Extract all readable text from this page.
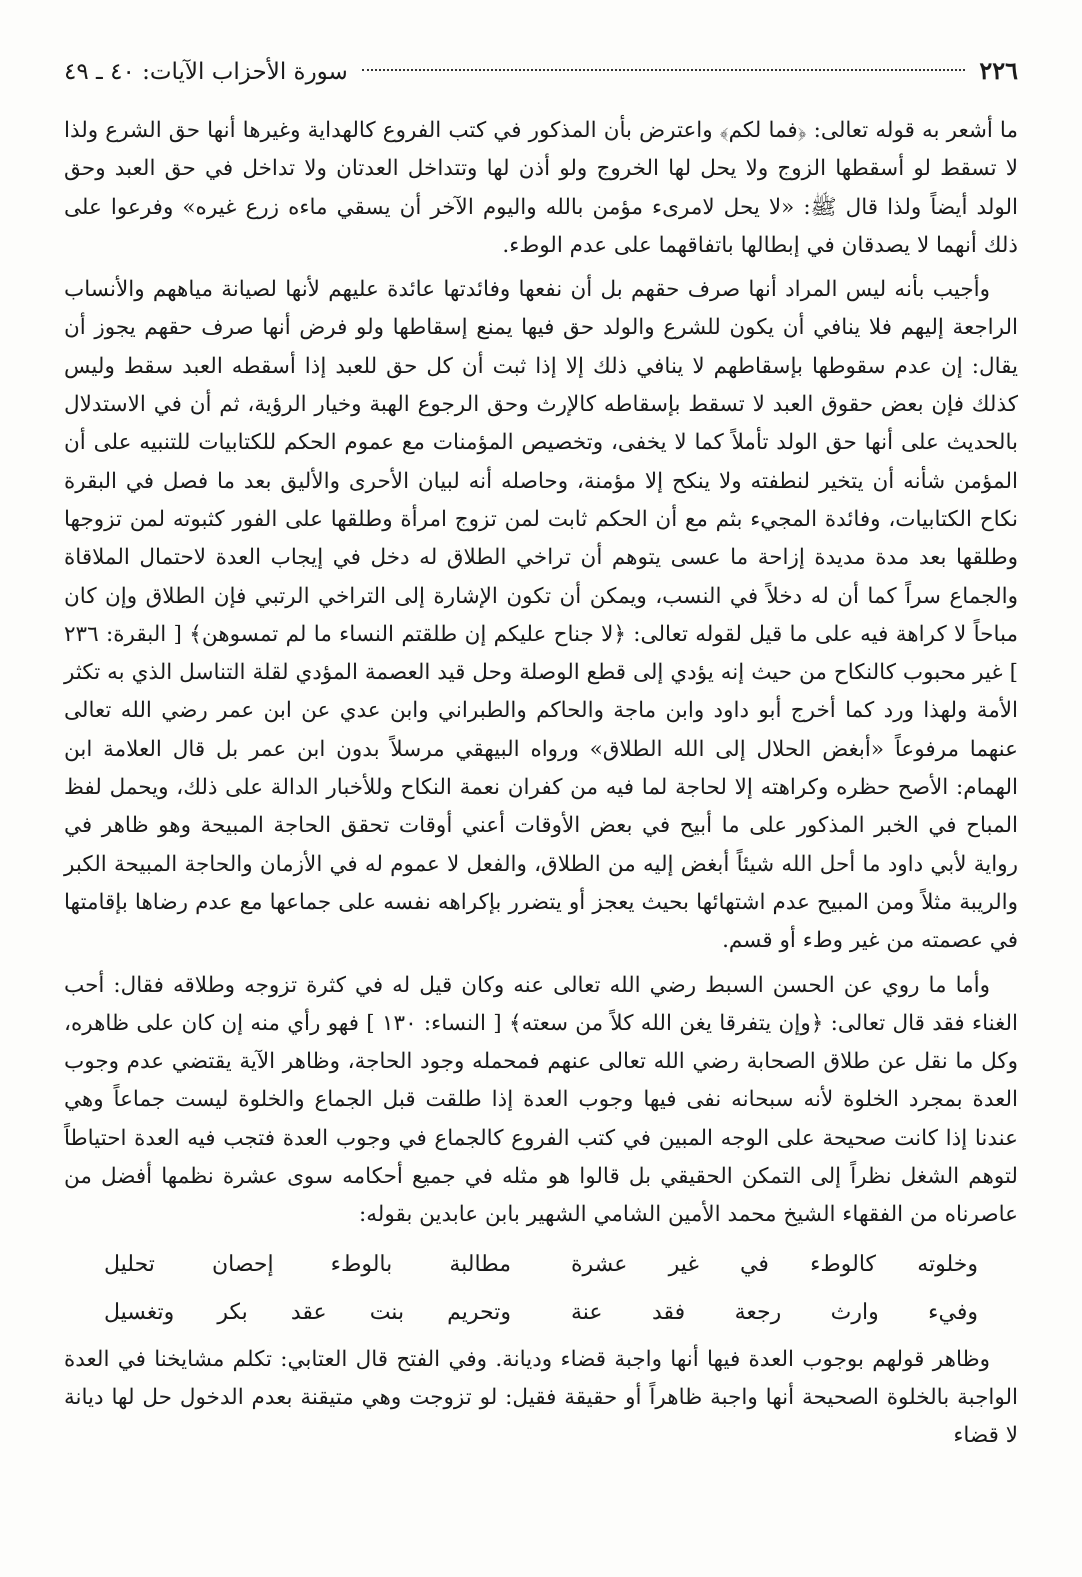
٢٢٦
سورة الأحزاب الآيات: ٤٠ ـ ٤٩

ما أشعر به قوله تعالى: ﴿فما لكم﴾ واعترض بأن المذكور في كتب الفروع كالهداية وغيرها أنها حق الشرع ولذا لا تسقط لو أسقطها الزوج ولا يحل لها الخروج ولو أذن لها وتتداخل العدتان ولا تداخل في حق العبد وحق الولد أيضاً ولذا قال ﷺ: «لا يحل لامرىء مؤمن بالله واليوم الآخر أن يسقي ماءه زرع غيره» وفرعوا على ذلك أنهما لا يصدقان في إبطالها باتفاقهما على عدم الوطء.

وأجيب بأنه ليس المراد أنها صرف حقهم بل أن نفعها وفائدتها عائدة عليهم لأنها لصيانة مياههم والأنساب الراجعة إليهم فلا ينافي أن يكون للشرع والولد حق فيها يمنع إسقاطها ولو فرض أنها صرف حقهم يجوز أن يقال: إن عدم سقوطها بإسقاطهم لا ينافي ذلك إلا إذا ثبت أن كل حق للعبد إذا أسقطه العبد سقط وليس كذلك فإن بعض حقوق العبد لا تسقط بإسقاطه كالإرث وحق الرجوع الهبة وخيار الرؤية، ثم أن في الاستدلال بالحديث على أنها حق الولد تأملاً كما لا يخفى، وتخصيص المؤمنات مع عموم الحكم للكتابيات للتنبيه على أن المؤمن شأنه أن يتخير لنطفته ولا ينكح إلا مؤمنة، وحاصله أنه لبيان الأحرى والأليق بعد ما فصل في البقرة نكاح الكتابيات، وفائدة المجيء بثم مع أن الحكم ثابت لمن تزوج امرأة وطلقها على الفور كثبوته لمن تزوجها وطلقها بعد مدة مديدة إزاحة ما عسى يتوهم أن تراخي الطلاق له دخل في إيجاب العدة لاحتمال الملاقاة والجماع سراً كما أن له دخلاً في النسب، ويمكن أن تكون الإشارة إلى التراخي الرتبي فإن الطلاق وإن كان مباحاً لا كراهة فيه على ما قيل لقوله تعالى: ﴿لا جناح عليكم إن طلقتم النساء ما لم تمسوهن﴾ [ البقرة: ٢٣٦ ] غير محبوب كالنكاح من حيث إنه يؤدي إلى قطع الوصلة وحل قيد العصمة المؤدي لقلة التناسل الذي به تكثر الأمة ولهذا ورد كما أخرج أبو داود وابن ماجة والحاكم والطبراني وابن عدي عن ابن عمر رضي الله تعالى عنهما مرفوعاً «أبغض الحلال إلى الله الطلاق» ورواه البيهقي مرسلاً بدون ابن عمر بل قال العلامة ابن الهمام: الأصح حظره وكراهته إلا لحاجة لما فيه من كفران نعمة النكاح وللأخبار الدالة على ذلك، ويحمل لفظ المباح في الخبر المذكور على ما أبيح في بعض الأوقات أعني أوقات تحقق الحاجة المبيحة وهو ظاهر في رواية لأبي داود ما أحل الله شيئاً أبغض إليه من الطلاق، والفعل لا عموم له في الأزمان والحاجة المبيحة الكبر والريبة مثلاً ومن المبيح عدم اشتهائها بحيث يعجز أو يتضرر بإكراهه نفسه على جماعها مع عدم رضاها بإقامتها في عصمته من غير وطء أو قسم.

وأما ما روي عن الحسن السبط رضي الله تعالى عنه وكان قيل له في كثرة تزوجه وطلاقه فقال: أحب الغناء فقد قال تعالى: ﴿وإن يتفرقا يغن الله كلاً من سعته﴾ [ النساء: ١٣٠ ] فهو رأي منه إن كان على ظاهره، وكل ما نقل عن طلاق الصحابة رضي الله تعالى عنهم فمحمله وجود الحاجة، وظاهر الآية يقتضي عدم وجوب العدة بمجرد الخلوة لأنه سبحانه نفى فيها وجوب العدة إذا طلقت قبل الجماع والخلوة ليست جماعاً وهي عندنا إذا كانت صحيحة على الوجه المبين في كتب الفروع كالجماع في وجوب العدة فتجب فيه العدة احتياطاً لتوهم الشغل نظراً إلى التمكن الحقيقي بل قالوا هو مثله في جميع أحكامه سوى عشرة نظمها أفضل من عاصرناه من الفقهاء الشيخ محمد الأمين الشامي الشهير بابن عابدين بقوله:

وخلوته كالوطء في غير عشرة
مطالبة بالوطء إحصان تحليل
وفيء وارث رجعة فقد عنة
وتحريم بنت عقد بكر وتغسيل

وظاهر قولهم بوجوب العدة فيها أنها واجبة قضاء وديانة. وفي الفتح قال العتابي: تكلم مشايخنا في العدة الواجبة بالخلوة الصحيحة أنها واجبة ظاهراً أو حقيقة فقيل: لو تزوجت وهي متيقنة بعدم الدخول حل لها ديانة لا قضاء
